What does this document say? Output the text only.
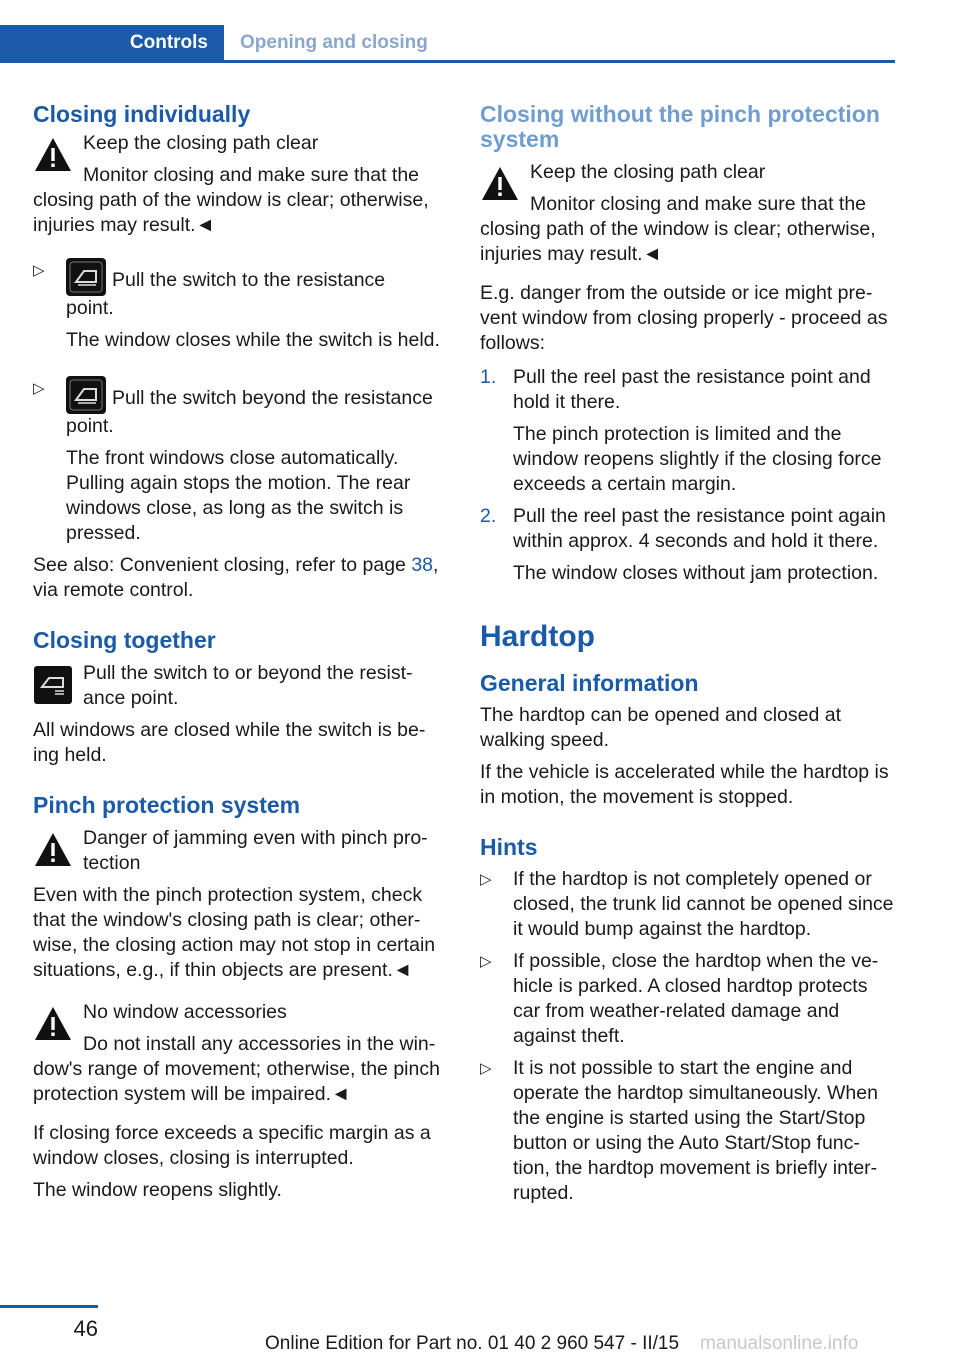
Controls	Opening and closing
Closing individually

Keep the closing path clear

Monitor closing and make sure that the

closing path of the window is clear; otherwise, injuries may result.◄

▷	Pull the switch to the resistance

point.

The window closes while the switch is held.

▷	Pull the switch beyond the resistance

point.

The front windows close automatically. Pulling again stops the motion. The rear windows close, as long as the switch is pressed.

See also: Convenient closing, refer to page 38,

via remote control.

Closing together

Pull the switch to or beyond the resist-

ance point.

All windows are closed while the switch is be- ing held.

Pinch protection system

Danger of jamming even with pinch pro-

tection

Even with the pinch protection system, check that the window's closing path is clear; other- wise, the closing action may not stop in certain situations, e.g., if thin objects are present.◄

No window accessories

Do not install any accessories in the win-

dow's range of movement; otherwise, the pinch protection system will be impaired.◄

If closing force exceeds a specific margin as a window closes, closing is interrupted.

The window reopens slightly.

Closing without the pinch protection system

Keep the closing path clear

Monitor closing and make sure that the

closing path of the window is clear; otherwise, injuries may result.◄

E.g. danger from the outside or ice might pre- vent window from closing properly - proceed as follows:

1. Pull the reel past the resistance point and hold it there.

The pinch protection is limited and the window reopens slightly if the closing force exceeds a certain margin.

2. Pull the reel past the resistance point again within approx. 4 seconds and hold it there.

The window closes without jam protection.

Hardtop
General information

The hardtop can be opened and closed at walking speed.

If the vehicle is accelerated while the hardtop is in motion, the movement is stopped.

Hints
▷	If the hardtop is not completely opened or closed, the trunk lid cannot be opened since it would bump against the hardtop.

▷	If possible, close the hardtop when the ve- hicle is parked. A closed hardtop protects car from weather-related damage and against theft.

▷	It is not possible to start the engine and operate the hardtop simultaneously. When the engine is started using the Start/Stop button or using the Auto Start/Stop func- tion, the hardtop movement is briefly inter- rupted.

46
Online Edition for Part no. 01 40 2 960 547 - II/15 manualsonline.info
